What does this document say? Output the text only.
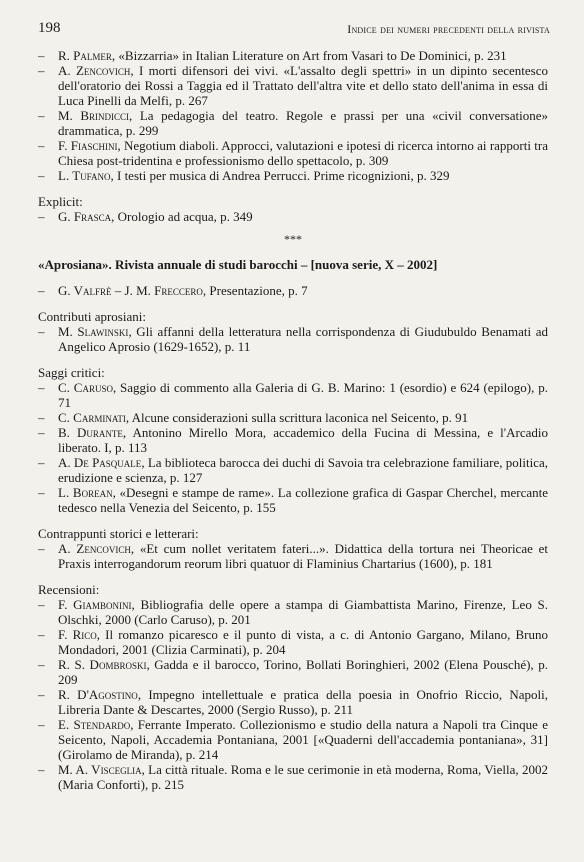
198	Indice dei numeri precedenti della rivista
– R. Palmer, «Bizzarria» in Italian Literature on Art from Vasari to De Dominici, p. 231
– A. Zencovich, I morti difensori dei vivi. «L'assalto degli spettri» in un dipinto secentesco dell'oratorio dei Rossi a Taggia ed il Trattato dell'altra vite et dello stato dell'anima in essa di Luca Pinelli da Melfi, p. 267
– M. Brindicci, La pedagogia del teatro. Regole e prassi per una «civil conversatione» drammatica, p. 299
– F. Fiaschini, Negotium diaboli. Approcci, valutazioni e ipotesi di ricerca intorno ai rapporti tra Chiesa post-tridentina e professionismo dello spettacolo, p. 309
– L. Tufano, I testi per musica di Andrea Perrucci. Prime ricognizioni, p. 329

Explicit:

– G. Frasca, Orologio ad acqua, p. 349
***

«Aprosiana». Rivista annuale di studi barocchi – [nuova serie, X – 2002]

– G. Valfrè – J. M. Freccero, Presentazione, p. 7

Contributi aprosiani:

– M. Slawinski, Gli affanni della letteratura nella corrispondenza di Giudubuldo Benamati ad Angelico Aprosio (1629-1652), p. 11

Saggi critici:

– C. Caruso, Saggio di commento alla Galeria di G. B. Marino: 1 (esordio) e 624 (epilogo), p. 71
– C. Carminati, Alcune considerazioni sulla scrittura laconica nel Seicento, p. 91
– B. Durante, Antonino Mirello Mora, accademico della Fucina di Messina, e l'Arcadio liberato. I, p. 113
– A. De Pasquale, La biblioteca barocca dei duchi di Savoia tra celebrazione familiare, politica, erudizione e scienza, p. 127
– L. Borean, «Desegni e stampe de rame». La collezione grafica di Gaspar Cherchel, mercante tedesco nella Venezia del Seicento, p. 155

Contrappunti storici e letterari:

– A. Zencovich, «Et cum nollet veritatem fateri...». Didattica della tortura nei Theoricae et Praxis interrogandorum reorum libri quatuor di Flaminius Chartarius (1600), p. 181

Recensioni:

– F. Giambonini, Bibliografia delle opere a stampa di Giambattista Marino, Firenze, Leo S. Olschki, 2000 (Carlo Caruso), p. 201
– F. Rico, Il romanzo picaresco e il punto di vista, a c. di Antonio Gargano, Milano, Bruno Mondadori, 2001 (Clizia Carminati), p. 204
– R. S. Dombroski, Gadda e il barocco, Torino, Bollati Boringhieri, 2002 (Elena Pousché), p. 209
– R. D'Agostino, Impegno intellettuale e pratica della poesia in Onofrio Riccio, Napoli, Libreria Dante & Descartes, 2000 (Sergio Russo), p. 211
– E. Stendardo, Ferrante Imperato. Collezionismo e studio della natura a Napoli tra Cinque e Seicento, Napoli, Accademia Pontaniana, 2001 [«Quaderni dell'accademia pontaniana», 31] (Girolamo de Miranda), p. 214
– M. A. Visceglia, La città rituale. Roma e le sue cerimonie in età moderna, Roma, Viella, 2002 (Maria Conforti), p. 215
